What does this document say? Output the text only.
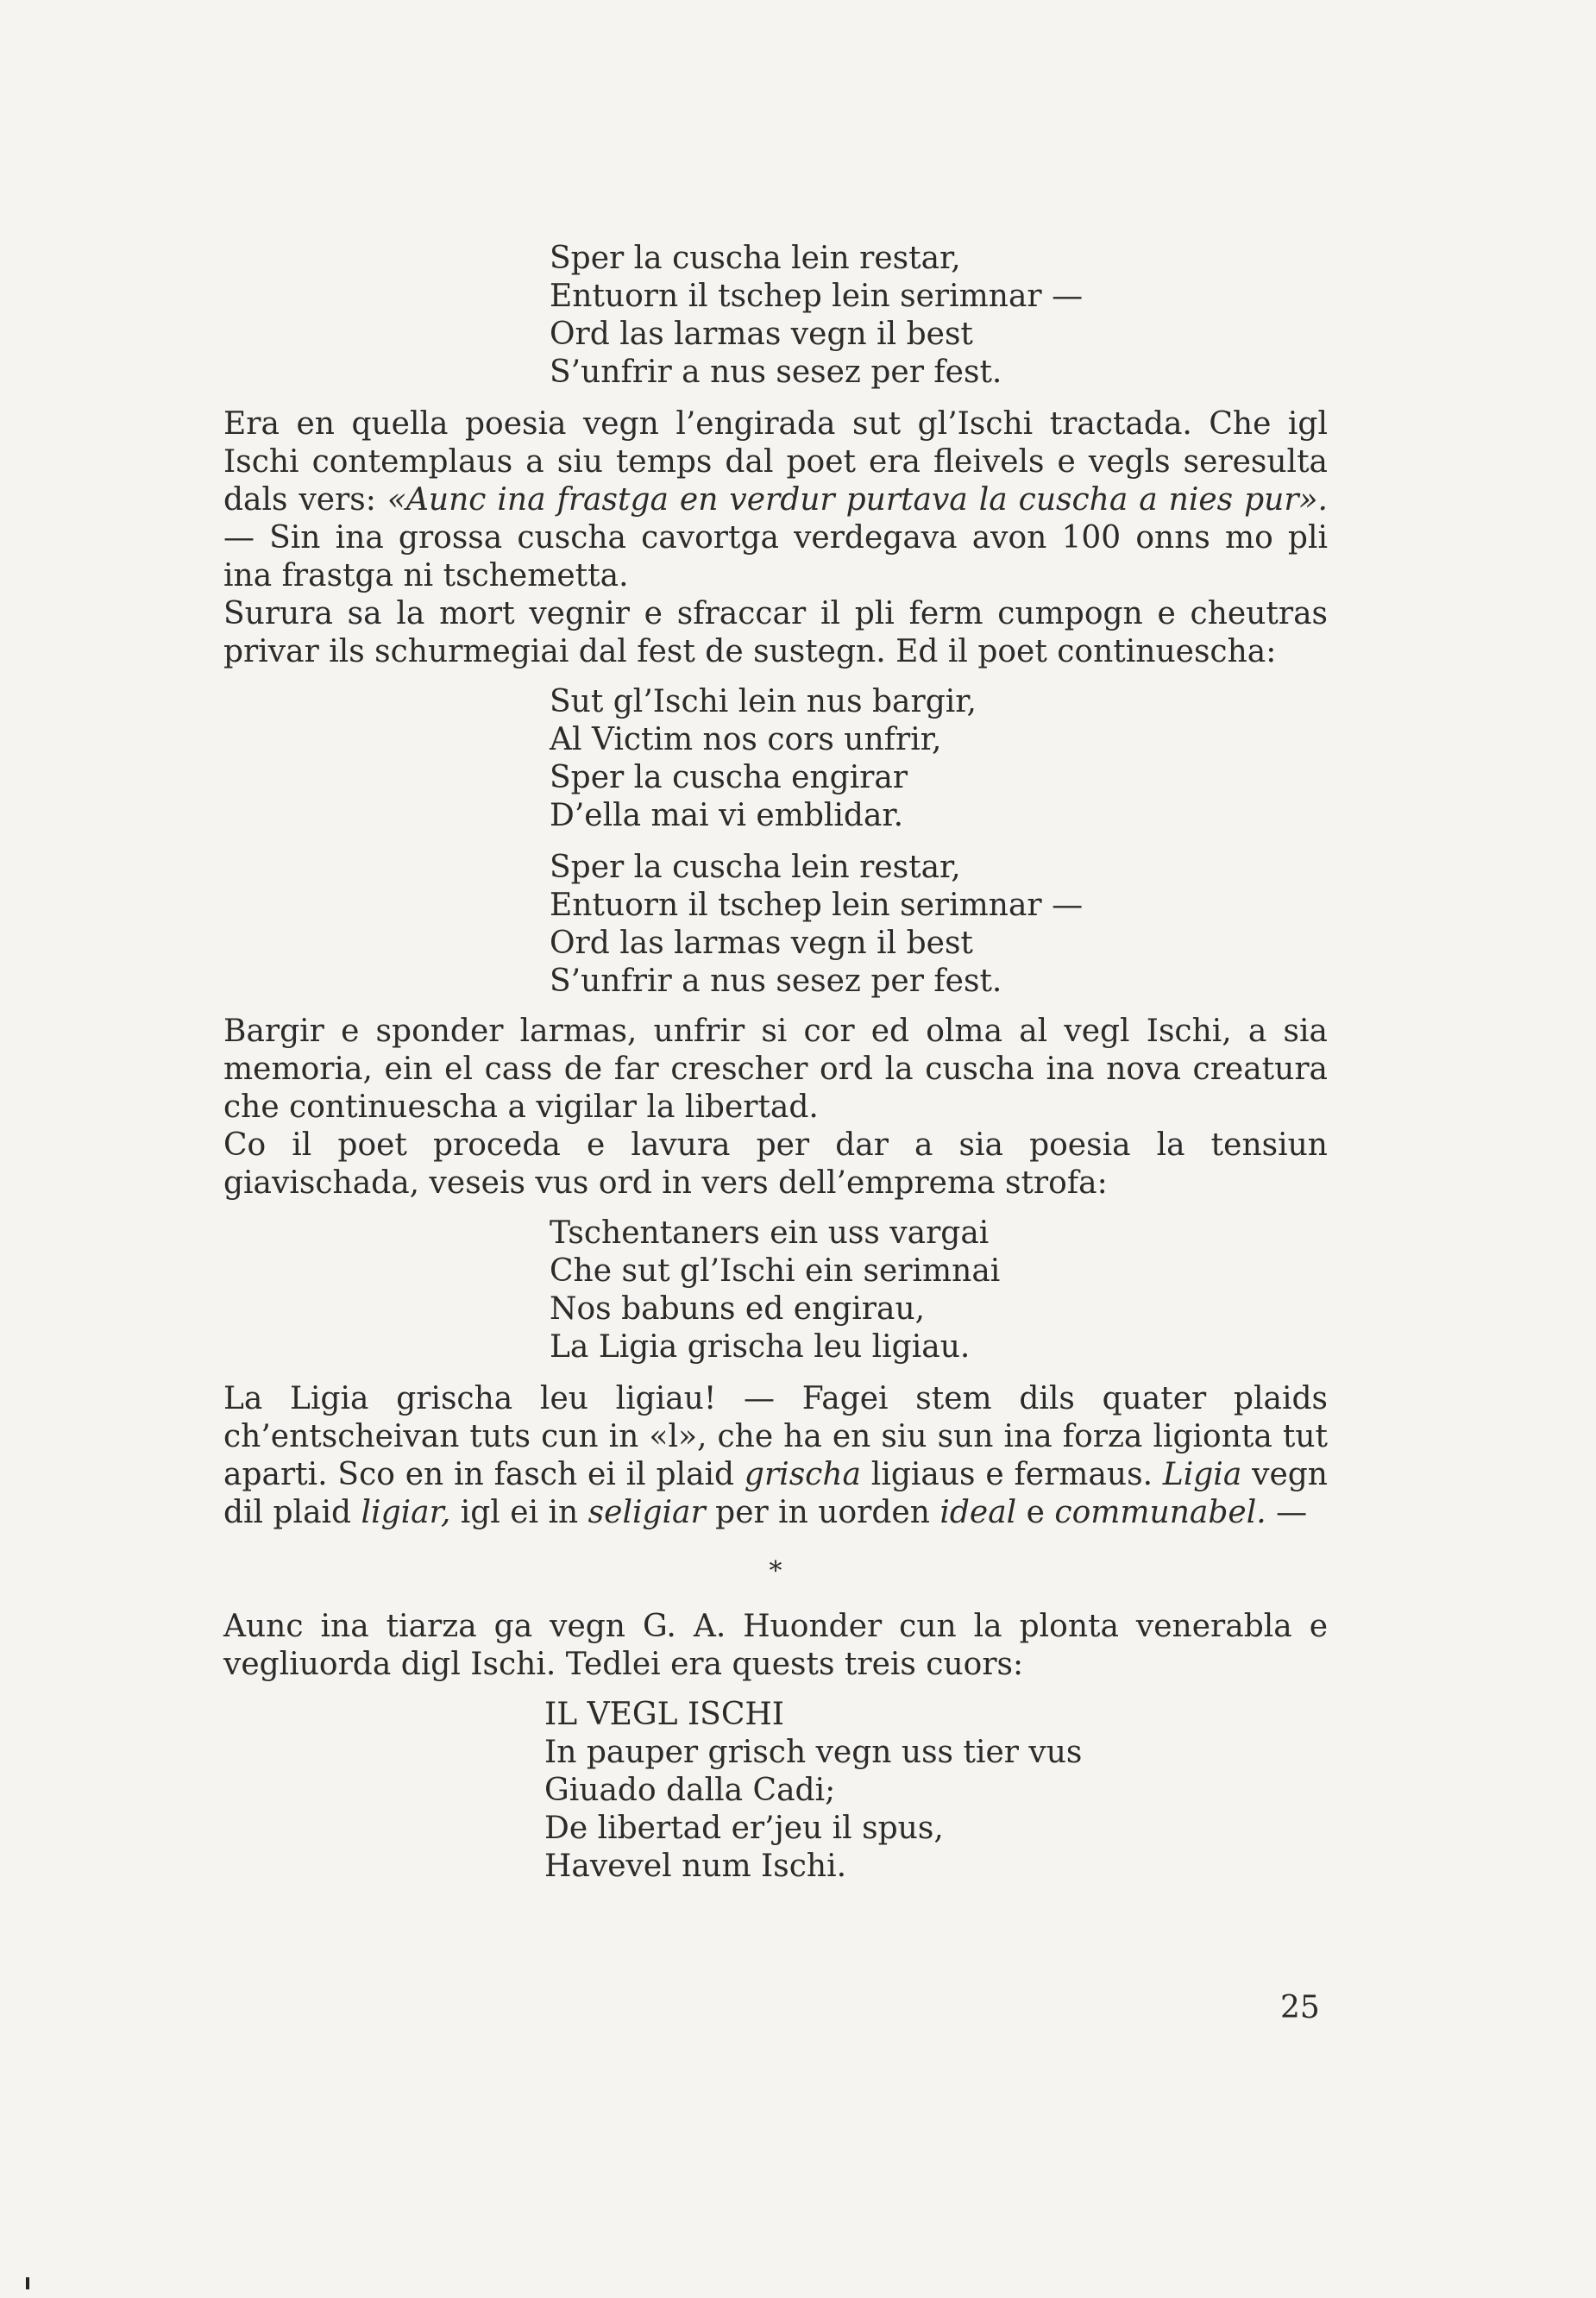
Sper la cuscha lein restar,
Entuorn il tschep lein serimnar —
Ord las larmas vegn il best
S’unfrir a nus sesez per fest.

Era en quella poesia vegn l’engirada sut gl’Ischi tractada. Che igl Ischi contemplaus a siu temps dal poet era fleivels e vegls seresulta dals vers: «Aunc ina frastga en verdur purtava la cuscha a nies pur». — Sin ina grossa cuscha cavortga verdegava avon 100 onns mo pli ina frastga ni tschemetta.

Surura sa la mort vegnir e sfraccar il pli ferm cumpogn e cheutras privar ils schurmegiai dal fest de sustegn. Ed il poet continuescha:

Sut gl’Ischi lein nus bargir,
Al Victim nos cors unfrir,
Sper la cuscha engirar
D’ella mai vi emblidar.
Sper la cuscha lein restar,
Entuorn il tschep lein serimnar —
Ord las larmas vegn il best
S’unfrir a nus sesez per fest.

Bargir e sponder larmas, unfrir si cor ed olma al vegl Ischi, a sia memoria, ein el cass de far crescher ord la cuscha ina nova creatura che continuescha a vigilar la libertad.

Co il poet proceda e lavura per dar a sia poesia la tensiun giavischada, veseis vus ord in vers dell’emprema strofa:

Tschentaners ein uss vargai
Che sut gl’Ischi ein serimnai
Nos babuns ed engirau,
La Ligia grischa leu ligiau.

La Ligia grischa leu ligiau! — Fagei stem dils quater plaids ch’entscheivan tuts cun in «l», che ha en siu sun ina forza ligionta tut aparti. Sco en in fasch ei il plaid grischa ligiaus e fermaus. Ligia vegn dil plaid ligiar, igl ei in seligiar per in uorden ideal e communabel. —

*

Aunc ina tiarza ga vegn G. A. Huonder cun la plonta venerabla e vegliuorda digl Ischi. Tedlei era quests treis cuors:

IL VEGL ISCHI
In pauper grisch vegn uss tier vus
Giuado dalla Cadi;
De libertad er’jeu il spus,
Havevel num Ischi.
25
